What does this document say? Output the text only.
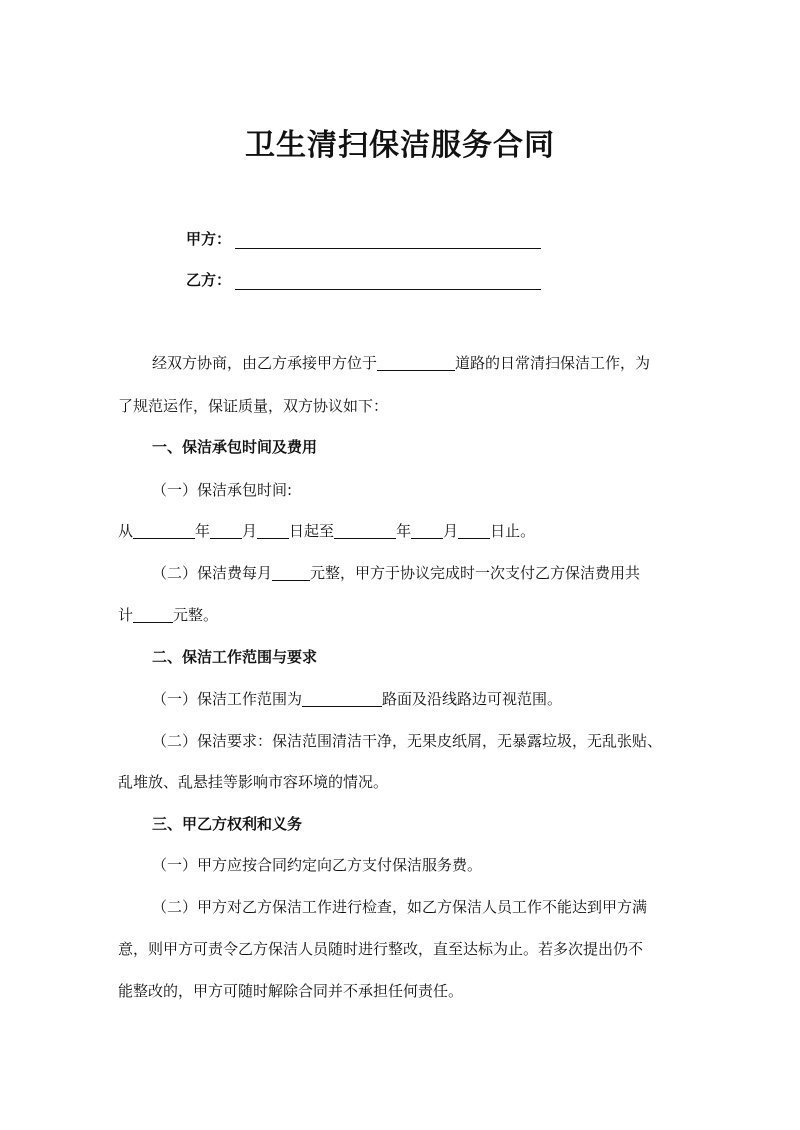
卫生清扫保洁服务合同
甲方：
乙方：
经双方协商，由乙方承接甲方位于	道路的日常清扫保洁工作，为
了规范运作，保证质量，双方协议如下：
一、保洁承包时间及费用
（一）保洁承包时间:
从	年 月 日起至	年 月 日止。
（二）保洁费每月	元整，甲方于协议完成时一次支付乙方保洁费用共
计	元整。
二、保洁工作范围与要求
（一）保洁工作范围为	路面及沿线路边可视范围。
（二）保洁要求：保洁范围清洁干净，无果皮纸屑，无暴露垃圾，无乱张贴、
乱堆放、乱悬挂等影响市容环境的情况。
三、甲乙方权利和义务
（一）甲方应按合同约定向乙方支付保洁服务费。
（二）甲方对乙方保洁工作进行检查，如乙方保洁人员工作不能达到甲方满
意，则甲方可责令乙方保洁人员随时进行整改，直至达标为止。若多次提出仍不
能整改的，甲方可随时解除合同并不承担任何责任。
